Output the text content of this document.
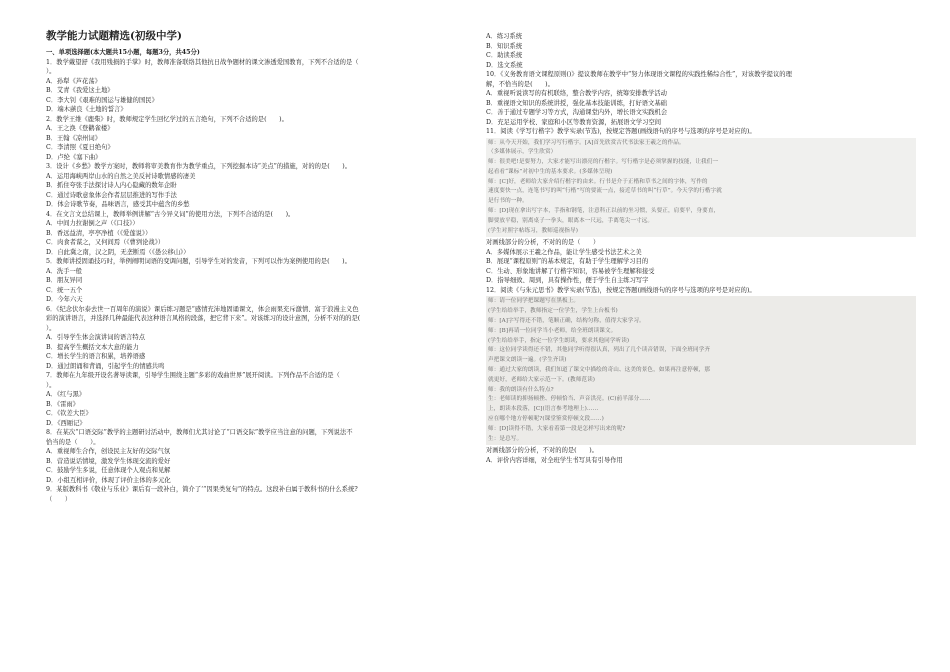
教学能力试题精选(初级中学)
一、单项选择题(本大题共15小题，每题3分，共45分)
1．教学戴望舒《我用残损的手掌》时，教师准备联络其他抗日战争题材的课文渗透爱国教育，下列不合适的是（
）。
A．孙犁《芦花荡》
B．艾青《我爱这土地》
C．李大钊《艰难的国运与雄健的国民》
D．端木蕻良《土地的誓言》
2．教学王维《鹿柴》时，教师规定学生回忆学过的五言绝句，下列不合适的是(　　)。
A．王之涣《登鹳雀楼》
B．王翰《凉州词》
C．李清照《夏日绝句》
D．卢纶《塞下曲》
3．设计《乡愁》教学方案时，教师将审美教育作为教学重点，下列挖掘本诗“美点”的措施，对的的是(　　)。
A．运用海峡两岸山水的自然之美反衬诗歌情感的凄美
B．抓住夸张手法探讨诗人内心隐藏的数年企盼
C．通过诗歌意象体会作者层层推进的写作手法
D．体会诗歌节奏，品味语言，感受其中蕴含的乡愁
4．在文言文总结课上，教师举例讲解“古今异义词”的使用方法，下列不合适的是(　　)。
A．中间力拉谢倒之声（《口技》）
B．香远益清，亭亭净植（《爱莲说》）
C．肉食者谋之，又何间焉（《曹刿论战》）
D．自此冀之南，汉之阴，无垄断焉（《愚公移山》）
5．教师讲授固诵技巧时，举例阐明词语的变调问题，引导学生对的发音，下列可以作为案例使用的是(　　)。
A．洗手一般
B．朋友异同
C．统一五个
D．今年六天
6．《纪念伏尔泰去世一百周年的演说》课后练习题是“感情充沛地固诵课文，体会雨果充斥激情、富于浪漫主义色
彩的演讲语言，并选择几种最能代表这种语言风格的段落，把它背下来”。对该练习的设计意图，分析不对的的是(
）。
A．引导学生体会演讲词的语言特点
B．提高学生概括文本大意的能力
C．增长学生的语言积累，培养语感
D．通过朗诵和背诵，引起学生的情感共鸣
7．教师在九年级开设名著导读课，引导学生围绕主题“多彩的戏曲世界”展开阅读。下列作品不合适的是（
）。
A．《红与黑》
B．《雷雨》
C．《钦差大臣》
D．《西厢记》
8．在某次“口语交际”教学的主题研讨活动中，教师们尤其讨论了“口语交际”教学应当注意的问题，下列说法不
恰当的是（　　）。
A．重视师生合作，创设民主友好的交际气氛
B．营造说话情境，激发学生体现交流的爱好
C．鼓励学生多说，任意体现个人观点和见解
D．小组互相评价，体现了评价主体的多元化
9．某版教科书《敬业与乐业》课后有一段补白，简介了‘“因果类复句”的特点。这段补白属于教科书的什么系统?
（　　）
A．练习系统
B．知识系统
C．助读系统
D．选文系统
10．《义务教育语文课程原则()》提议教师在教学中“努力体现语文课程的实践性稀综合性”，对该教学提议的理
解，不恰当的是(　　)。
A．重视听说读写的有机联络，整合教学内容，统筹安排教学活动
B．重视语文知识的系统讲授，强化基本技能训练，打好语文基础
C．善于通过专题学习等方式，沟通课堂内外，增长语文实践机会
D．充足运用学校、家庭和小区等教育资源，拓展语文学习空间
11．阅读《学写行楷字》教学实录(节选)，按规定答题(画线语句的序号与选项的序号是对应的)。
师：从今天开始，我们学习写行楷字。[A]首先欣赏古代书法家王羲之的作品。
（多媒体展示，学生欣赏）
师：很美吧!是要努力，大家才能写出漂亮的行楷字。写行楷字是必须掌握的技能，让我们一
起看看“课标”对初中生的基本要求。(多媒体呈现)
师：[C]好，老师给大家介绍行楷字的由来。行书是介于正楷和草书之间的字体，写作的
速度要快一点，连笔书写的叫“行楷”写的要流一点，接近草书的叫“行草”。今天学的行楷字就
是行书的一种。
师：[D]现在拿出写字本，手指和钢笔，注意科正以前的坐习惯，头要正，肩要平，身要直，
脚要放平稳，别离桌子一拳头，眼离本一尺远，手离笔尖一寸远。
(学生对照字帖练习，教师巡视指导)
对画线部分的分析，不对的的是（　　）
A．多媒体展示王羲之作品，能让学生感受书法艺术之美
B．展现“课程原则”的基本规定，有助于学生理解学习目的
C．生动、形象地讲解了行楷字知识，容易被学生理解和接受
D．指导细致、周到，具有操作性，便于学生自主练习写字
12．阅读《与朱元思书》教学实录(节选)，按规定答题(画线语句的序号与选项的序号是对应的)。
师：请一位同学把课题写在黑板上。
(学生给给举手，教师指定一位学生，学生上台板书)
师：[A]字写得还不错，笔顺正确，结构匀称，值得大家学习。
师：[B]再请一位同学当小老师，给全班朗读课文。
(学生给给举手，指定一位学生朗读，要求其他同学听读)
师：这位同学读得还不错，其他同学听得很认真，列出了几个读音错误，下面全班同学齐
声把课文朗读一遍。(学生齐读)
师：通过大家的朗读，我们知道了课文中描绘的奇山、这美的景色，如果再注意停顿，那
就更好，老师给大家示范一下。(教师范读)
师：我的朗读有什么特点?
生：老师读的抑扬顿挫、停顿恰当、声音洪亮。(C)前半部分……
上，朗读本段落，[C](语言参考地理上)……
应在哪个地方停顿呢?(课堂鉴赏停顿文段……)
师：[D]读得不错，大家看着第一段是怎样写出来的呢?
生：是总写。
对画线部分的分析，不对的的是(　　)。
A．评价内容详细，对全班学生书写具有引导作用
